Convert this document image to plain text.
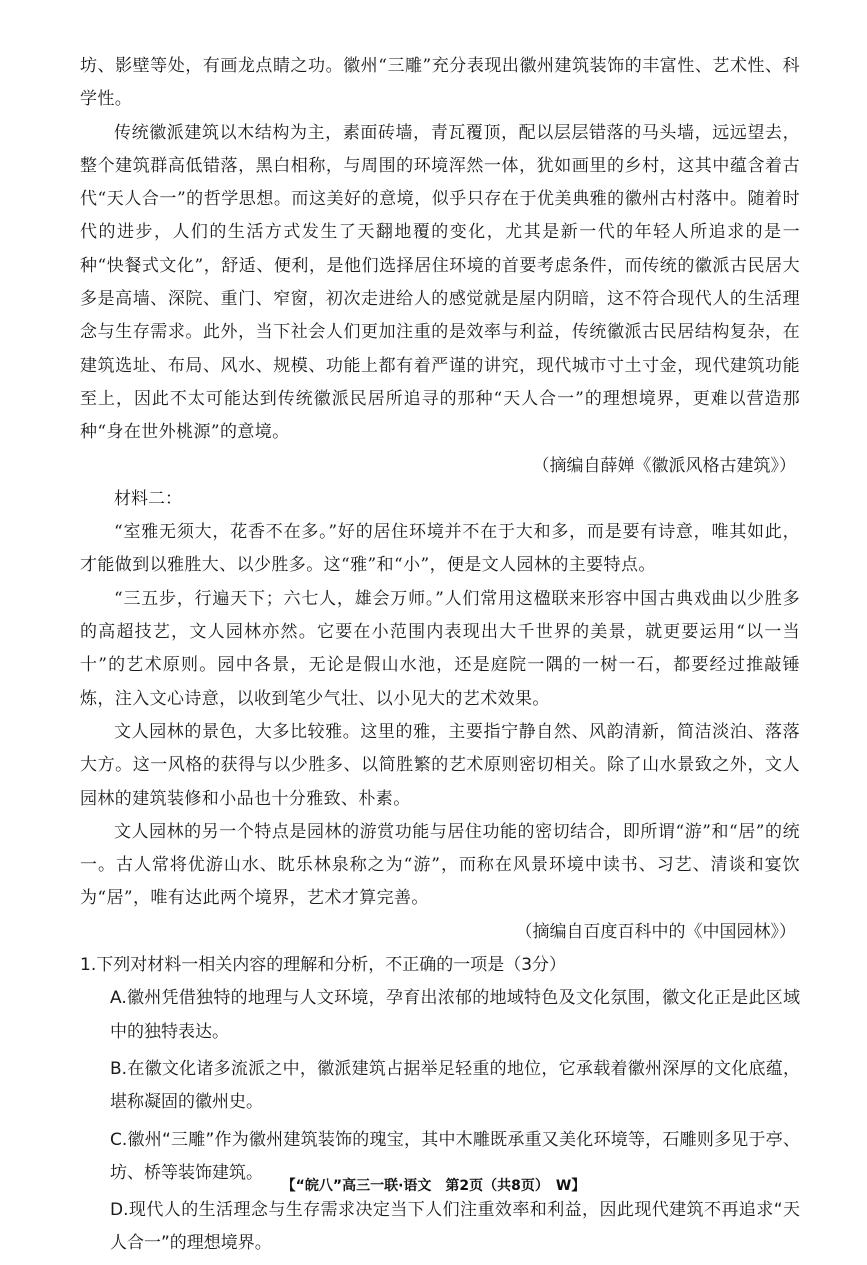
坊、影壁等处，有画龙点睛之功。徽州“三雕”充分表现出徽州建筑装饰的丰富性、艺术性、科学性。

传统徽派建筑以木结构为主，素面砖墙，青瓦覆顶，配以层层错落的马头墙，远远望去，整个建筑群高低错落，黑白相称，与周围的环境浑然一体，犹如画里的乡村，这其中蕴含着古代“天人合一”的哲学思想。而这美好的意境，似乎只存在于优美典雅的徽州古村落中。随着时代的进步，人们的生活方式发生了天翻地覆的变化，尤其是新一代的年轻人所追求的是一种“快餐式文化”，舒适、便利，是他们选择居住环境的首要考虑条件，而传统的徽派古民居大多是高墙、深院、重门、窄窗，初次走进给人的感觉就是屋内阴暗，这不符合现代人的生活理念与生存需求。此外，当下社会人们更加注重的是效率与利益，传统徽派古民居结构复杂，在建筑选址、布局、风水、规模、功能上都有着严谨的讲究，现代城市寸土寸金，现代建筑功能至上，因此不太可能达到传统徽派民居所追寻的那种“天人合一”的理想境界，更难以营造那种“身在世外桃源”的意境。

（摘编自薛婵《徽派风格古建筑》）

材料二：

“室雅无须大，花香不在多。”好的居住环境并不在于大和多，而是要有诗意，唯其如此，才能做到以雅胜大、以少胜多。这“雅”和“小”，便是文人园林的主要特点。

“三五步，行遍天下；六七人，雄会万师。”人们常用这楹联来形容中国古典戏曲以少胜多的高超技艺，文人园林亦然。它要在小范围内表现出大千世界的美景，就更要运用“以一当十”的艺术原则。园中各景，无论是假山水池，还是庭院一隅的一树一石，都要经过推敲锤炼，注入文心诗意，以收到笔少气壮、以小见大的艺术效果。

文人园林的景色，大多比较雅。这里的雅，主要指宁静自然、风韵清新，简洁淡泊、落落大方。这一风格的获得与以少胜多、以简胜繁的艺术原则密切相关。除了山水景致之外，文人园林的建筑装修和小品也十分雅致、朴素。

文人园林的另一个特点是园林的游赏功能与居住功能的密切结合，即所谓“游”和“居”的统一。古人常将优游山水、眈乐林泉称之为“游”，而称在风景环境中读书、习艺、清谈和宴饮为“居”，唯有达此两个境界，艺术才算完善。

（摘编自百度百科中的《中国园林》）

1.下列对材料一相关内容的理解和分析，不正确的一项是（3分）

A.徽州凭借独特的地理与人文环境，孕育出浓郁的地域特色及文化氛围，徽文化正是此区域中的独特表达。

B.在徽文化诸多流派之中，徽派建筑占据举足轻重的地位，它承载着徽州深厚的文化底蕴，堪称凝固的徽州史。

C.徽州“三雕”作为徽州建筑装饰的瑰宝，其中木雕既承重又美化环境等，石雕则多见于亭、坊、桥等装饰建筑。

D.现代人的生活理念与生存需求决定当下人们注重效率和利益，因此现代建筑不再追求“天人合一”的理想境界。

【“皖八”高三一联·语文　第2页（共8页）　W】
